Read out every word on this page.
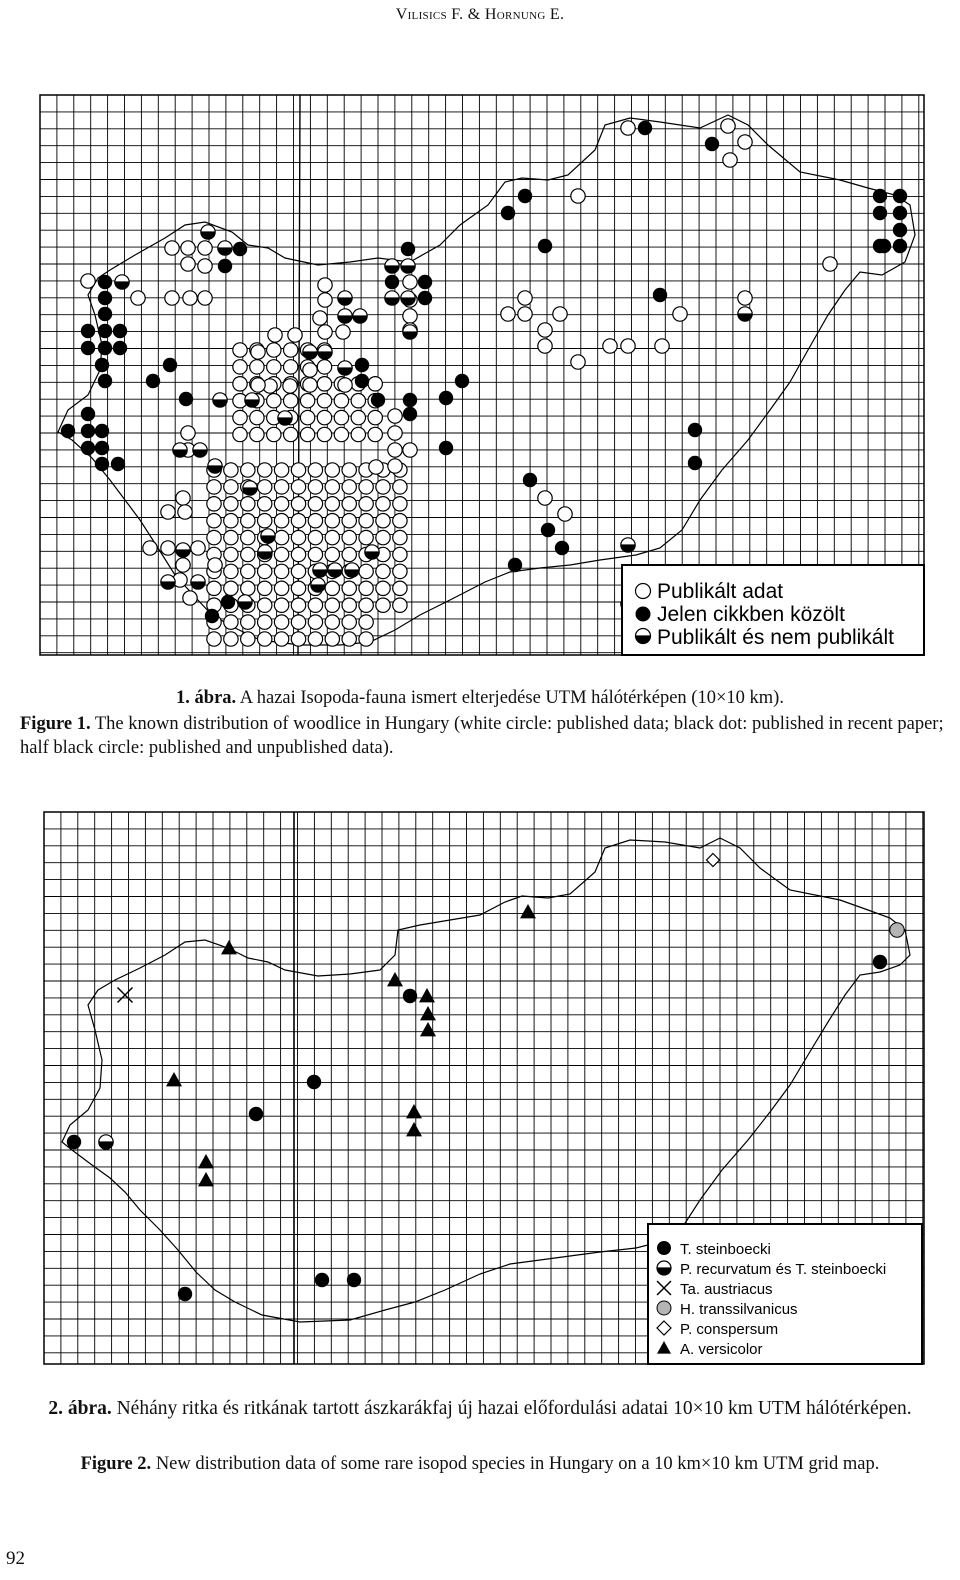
Vilisics F. & Hornung E.
Publikált adat
Jelen cikkben közölt
Publikált és nem publikált
1. ábra. A hazai Isopoda-fauna ismert elterjedése UTM hálótérképen (10×10 km).
Figure 1. The known distribution of woodlice in Hungary (white circle: published data; black dot: published in recent paper; half black circle: published and unpublished data).
T. steinboecki
P. recurvatum és T. steinboecki
Ta. austriacus
H. transsilvanicus
P. conspersum
A. versicolor
2. ábra. Néhány ritka és ritkának tartott ászkarákfaj új hazai előfordulási adatai 10×10 km UTM hálótérképen.
Figure 2. New distribution data of some rare isopod species in Hungary on a 10 km×10 km UTM grid map.
92
